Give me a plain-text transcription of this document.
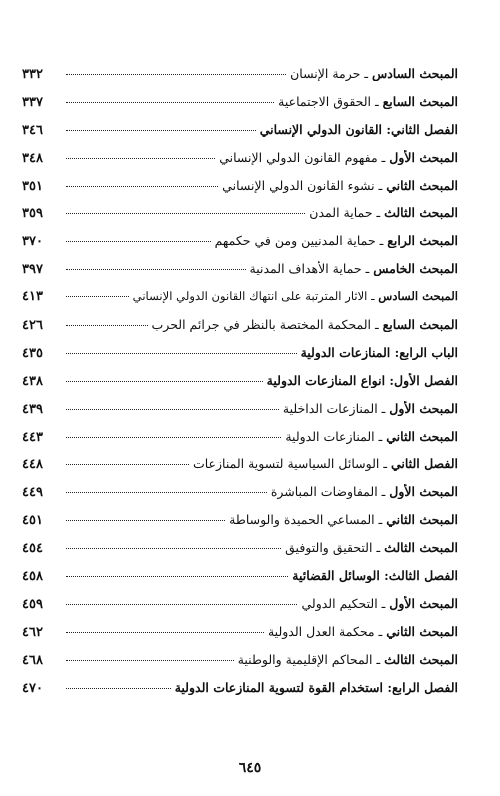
المبحث السادس ـ حرمة الإنسان
٣٣٢
المبحث السابع ـ الحقوق الاجتماعية
٣٣٧
الفصل الثاني: القانون الدولي الإنساني
٣٤٦
المبحث الأول ـ مفهوم القانون الدولي الإنساني
٣٤٨
المبحث الثاني ـ نشوء القانون الدولي الإنساني
٣٥١
المبحث الثالث ـ حماية المدن
٣٥٩
المبحث الرابع ـ حماية المدنيين ومن في حكمهم
٣٧٠
المبحث الخامس ـ حماية الأهداف المدنية
٣٩٧
المبحث السادس ـ الاثار المترتبة على انتهاك القانون الدولي الإنساني
٤١٣
المبحث السابع ـ المحكمة المختصة بالنظر في جرائم الحرب
٤٢٦
الباب الرابع: المنازعات الدولية
٤٣٥
الفصل الأول: انواع المنازعات الدولية
٤٣٨
المبحث الأول ـ المنازعات الداخلية
٤٣٩
المبحث الثاني ـ المنازعات الدولية
٤٤٣
الفصل الثاني ـ الوسائل السياسية لتسوية المنازعات
٤٤٨
المبحث الأول ـ المفاوضات المباشرة
٤٤٩
المبحث الثاني ـ المساعي الحميدة والوساطة
٤٥١
المبحث الثالث ـ التحقيق والتوفيق
٤٥٤
الفصل الثالث: الوسائل القضائية
٤٥٨
المبحث الأول ـ التحكيم الدولي
٤٥٩
المبحث الثاني ـ محكمة العدل الدولية
٤٦٢
المبحث الثالث ـ المحاكم الإقليمية والوطنية
٤٦٨
الفصل الرابع: استخدام القوة لتسوية المنازعات الدولية
٤٧٠
٦٤٥
